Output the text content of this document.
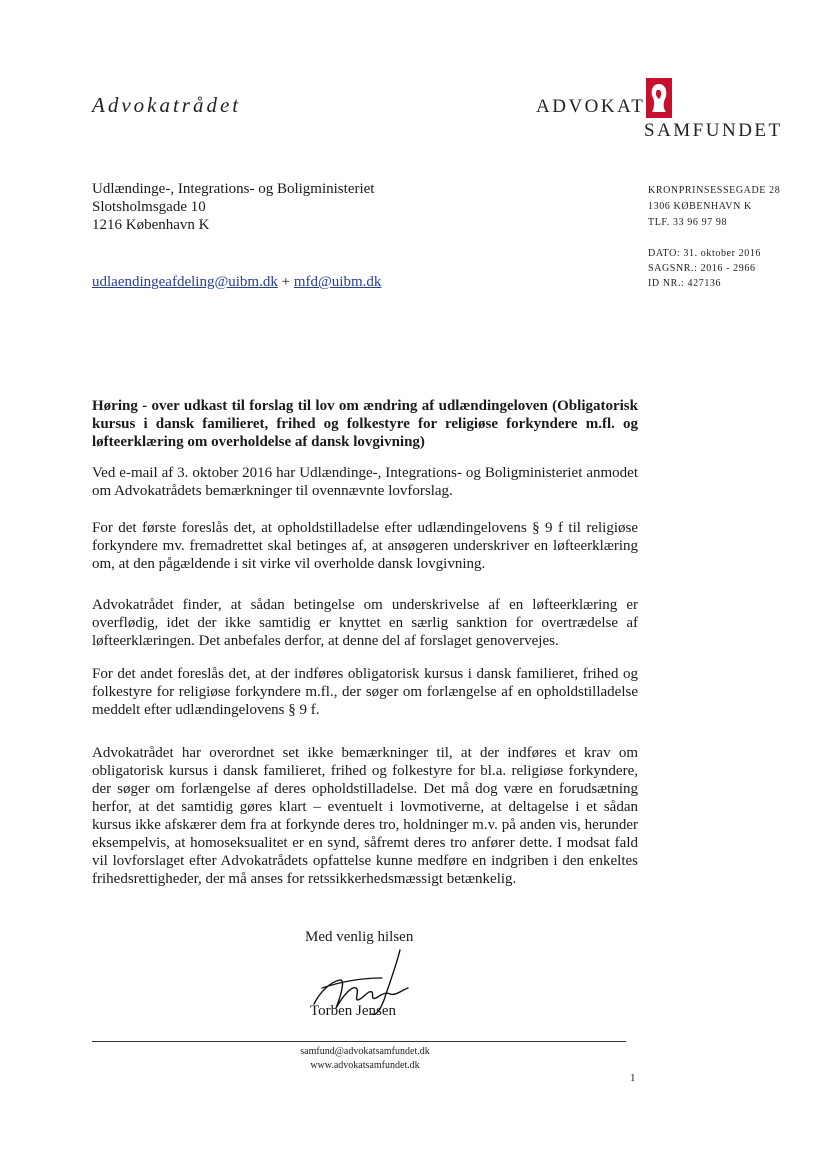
Advokatrådet	ADVOKAT
SAMFUNDET
Udlændinge-, Integrations- og Boligministeriet
Slotsholmsgade 10
1216 København K
udlaendingeafdeling@uibm.dk + mfd@uibm.dk
KRONPRINSESSEGADE 28
1306 KØBENHAVN K
TLF. 33 96 97 98
DATO: 31. oktober 2016
SAGSNR.: 2016 - 2966
ID NR.: 427136
Høring - over udkast til forslag til lov om ændring af udlændingeloven (Obligatorisk kursus i dansk familieret, frihed og folkestyre for religiøse forkyndere m.fl. og løfteerklæring om overholdelse af dansk lovgivning)
Ved e-mail af 3. oktober 2016 har Udlændinge-, Integrations- og Boligministeriet anmodet om Advokatrådets bemærkninger til ovennævnte lovforslag.
For det første foreslås det, at opholdstilladelse efter udlændingelovens § 9 f til religiøse forkyndere mv. fremadrettet skal betinges af, at ansøgeren underskriver en løfteerklæring om, at den pågældende i sit virke vil overholde dansk lovgivning.
Advokatrådet finder, at sådan betingelse om underskrivelse af en løfteerklæring er overflødig, idet der ikke samtidig er knyttet en særlig sanktion for overtrædelse af løfteerklæringen. Det anbefales derfor, at denne del af forslaget genovervejes.
For det andet foreslås det, at der indføres obligatorisk kursus i dansk familieret, frihed og folkestyre for religiøse forkyndere m.fl., der søger om forlængelse af en opholdstilladelse meddelt efter udlændingelovens § 9 f.
Advokatrådet har overordnet set ikke bemærkninger til, at der indføres et krav om obligatorisk kursus i dansk familieret, frihed og folkestyre for bl.a. religiøse forkyndere, der søger om forlængelse af deres opholdstilladelse. Det må dog være en forudsætning herfor, at det samtidig gøres klart – eventuelt i lovmotiverne, at deltagelse i et sådan kursus ikke afskærer dem fra at forkynde deres tro, holdninger m.v. på anden vis, herunder eksempelvis, at homoseksualitet er en synd, såfremt deres tro anfører dette. I modsat fald vil lovforslaget efter Advokatrådets opfattelse kunne medføre en indgriben i den enkeltes frihedsrettigheder, der må anses for retssikkerhedsmæssigt betænkelig.
Med venlig hilsen
Torben Jensen
samfund@advokatsamfundet.dk
www.advokatsamfundet.dk
1
